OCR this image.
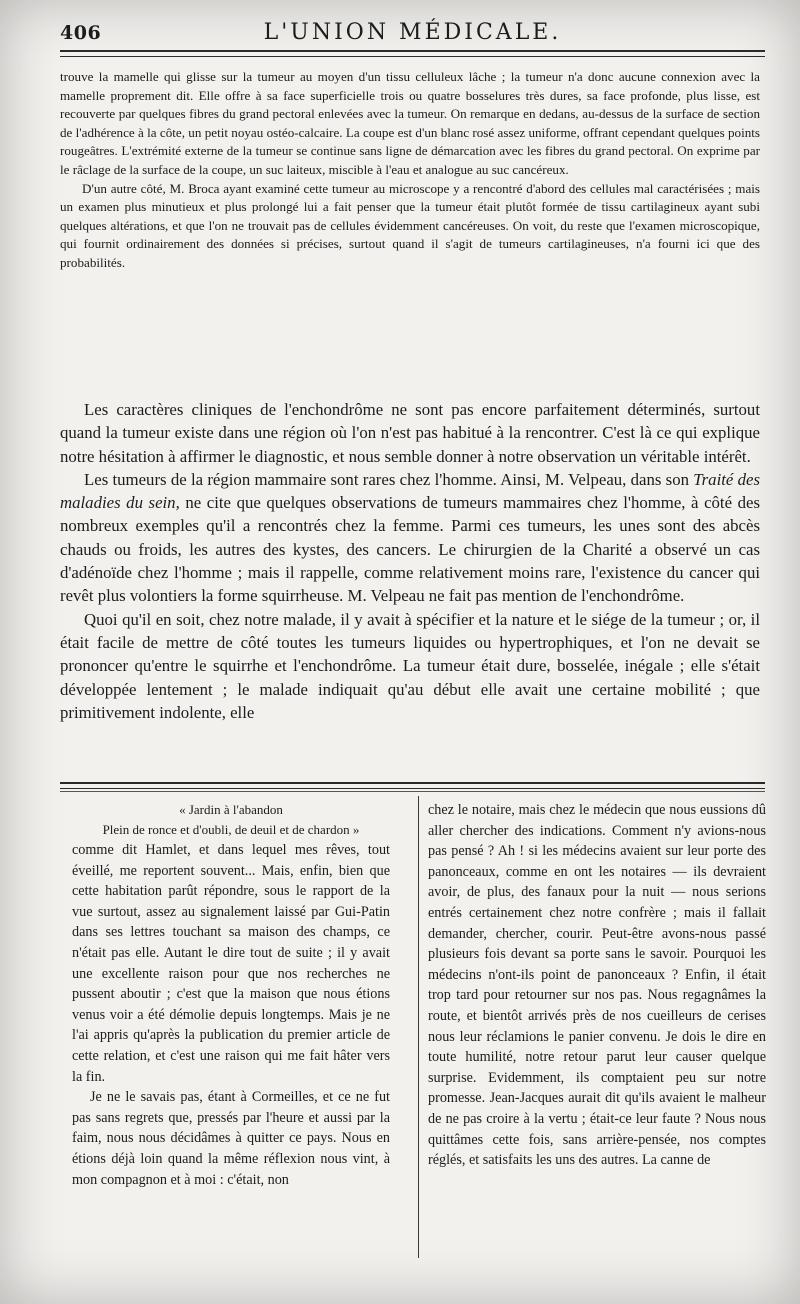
406	L'UNION MÉDICALE.

trouve la mamelle qui glisse sur la tumeur au moyen d'un tissu celluleux lâche ; la tumeur n'a donc aucune connexion avec la mamelle proprement dit. Elle offre à sa face superficielle trois ou quatre bosselures très dures, sa face profonde, plus lisse, est recouverte par quelques fibres du grand pectoral enlevées avec la tumeur. On remarque en dedans, au-dessus de la surface de section de l'adhérence à la côte, un petit noyau ostéo-calcaire. La coupe est d'un blanc rosé assez uniforme, offrant cependant quelques points rougeâtres. L'extrémité externe de la tumeur se continue sans ligne de démarcation avec les fibres du grand pectoral. On exprime par le râclage de la surface de la coupe, un suc laiteux, miscible à l'eau et analogue au suc cancéreux.

D'un autre côté, M. Broca ayant examiné cette tumeur au microscope y a rencontré d'abord des cellules mal caractérisées ; mais un examen plus minutieux et plus prolongé lui a fait penser que la tumeur était plutôt formée de tissu cartilagineux ayant subi quelques altérations, et que l'on ne trouvait pas de cellules évidemment cancéreuses. On voit, du reste que l'examen microscopique, qui fournit ordinairement des données si précises, surtout quand il s'agit de tumeurs cartilagineuses, n'a fourni ici que des probabilités.

Les caractères cliniques de l'enchondrôme ne sont pas encore parfaitement déterminés, surtout quand la tumeur existe dans une région où l'on n'est pas habitué à la rencontrer. C'est là ce qui explique notre hésitation à affirmer le diagnostic, et nous semble donner à notre observation un véritable intérêt.

Les tumeurs de la région mammaire sont rares chez l'homme. Ainsi, M. Velpeau, dans son Traité des maladies du sein, ne cite que quelques observations de tumeurs mammaires chez l'homme, à côté des nombreux exemples qu'il a rencontrés chez la femme. Parmi ces tumeurs, les unes sont des abcès chauds ou froids, les autres des kystes, des cancers. Le chirurgien de la Charité a observé un cas d'adénoïde chez l'homme ; mais il rappelle, comme relativement moins rare, l'existence du cancer qui revêt plus volontiers la forme squirrheuse. M. Velpeau ne fait pas mention de l'enchondrôme.

Quoi qu'il en soit, chez notre malade, il y avait à spécifier et la nature et le siége de la tumeur ; or, il était facile de mettre de côté toutes les tumeurs liquides ou hypertrophiques, et l'on ne devait se prononcer qu'entre le squirrhe et l'enchondrôme. La tumeur était dure, bosselée, inégale ; elle s'était développée lentement ; le malade indiquait qu'au début elle avait une certaine mobilité ; que primitivement indolente, elle

« Jardin à l'abandon

Plein de ronce et d'oubli, de deuil et de chardon »

comme dit Hamlet, et dans lequel mes rêves, tout éveillé, me reportent souvent... Mais, enfin, bien que cette habitation parût répondre, sous le rapport de la vue surtout, assez au signalement laissé par Gui-Patin dans ses lettres touchant sa maison des champs, ce n'était pas elle. Autant le dire tout de suite ; il y avait une excellente raison pour que nos recherches ne pussent aboutir ; c'est que la maison que nous étions venus voir a été démolie depuis longtemps. Mais je ne l'ai appris qu'après la publication du premier article de cette relation, et c'est une raison qui me fait hâter vers la fin.

Je ne le savais pas, étant à Cormeilles, et ce ne fut pas sans regrets que, pressés par l'heure et aussi par la faim, nous nous décidâmes à quitter ce pays. Nous en étions déjà loin quand la même réflexion nous vint, à mon compagnon et à moi : c'était, non

chez le notaire, mais chez le médecin que nous eussions dû aller chercher des indications. Comment n'y avions-nous pas pensé ? Ah ! si les médecins avaient sur leur porte des panonceaux, comme en ont les notaires — ils devraient avoir, de plus, des fanaux pour la nuit — nous serions entrés certainement chez notre confrère ; mais il fallait demander, chercher, courir. Peut-être avons-nous passé plusieurs fois devant sa porte sans le savoir. Pourquoi les médecins n'ont-ils point de panonceaux ? Enfin, il était trop tard pour retourner sur nos pas. Nous regagnâmes la route, et bientôt arrivés près de nos cueilleurs de cerises nous leur réclamions le panier convenu. Je dois le dire en toute humilité, notre retour parut leur causer quelque surprise. Evidemment, ils comptaient peu sur notre promesse. Jean-Jacques aurait dit qu'ils avaient le malheur de ne pas croire à la vertu ; était-ce leur faute ? Nous nous quittâmes cette fois, sans arrière-pensée, nos comptes réglés, et satisfaits les uns des autres. La canne de
